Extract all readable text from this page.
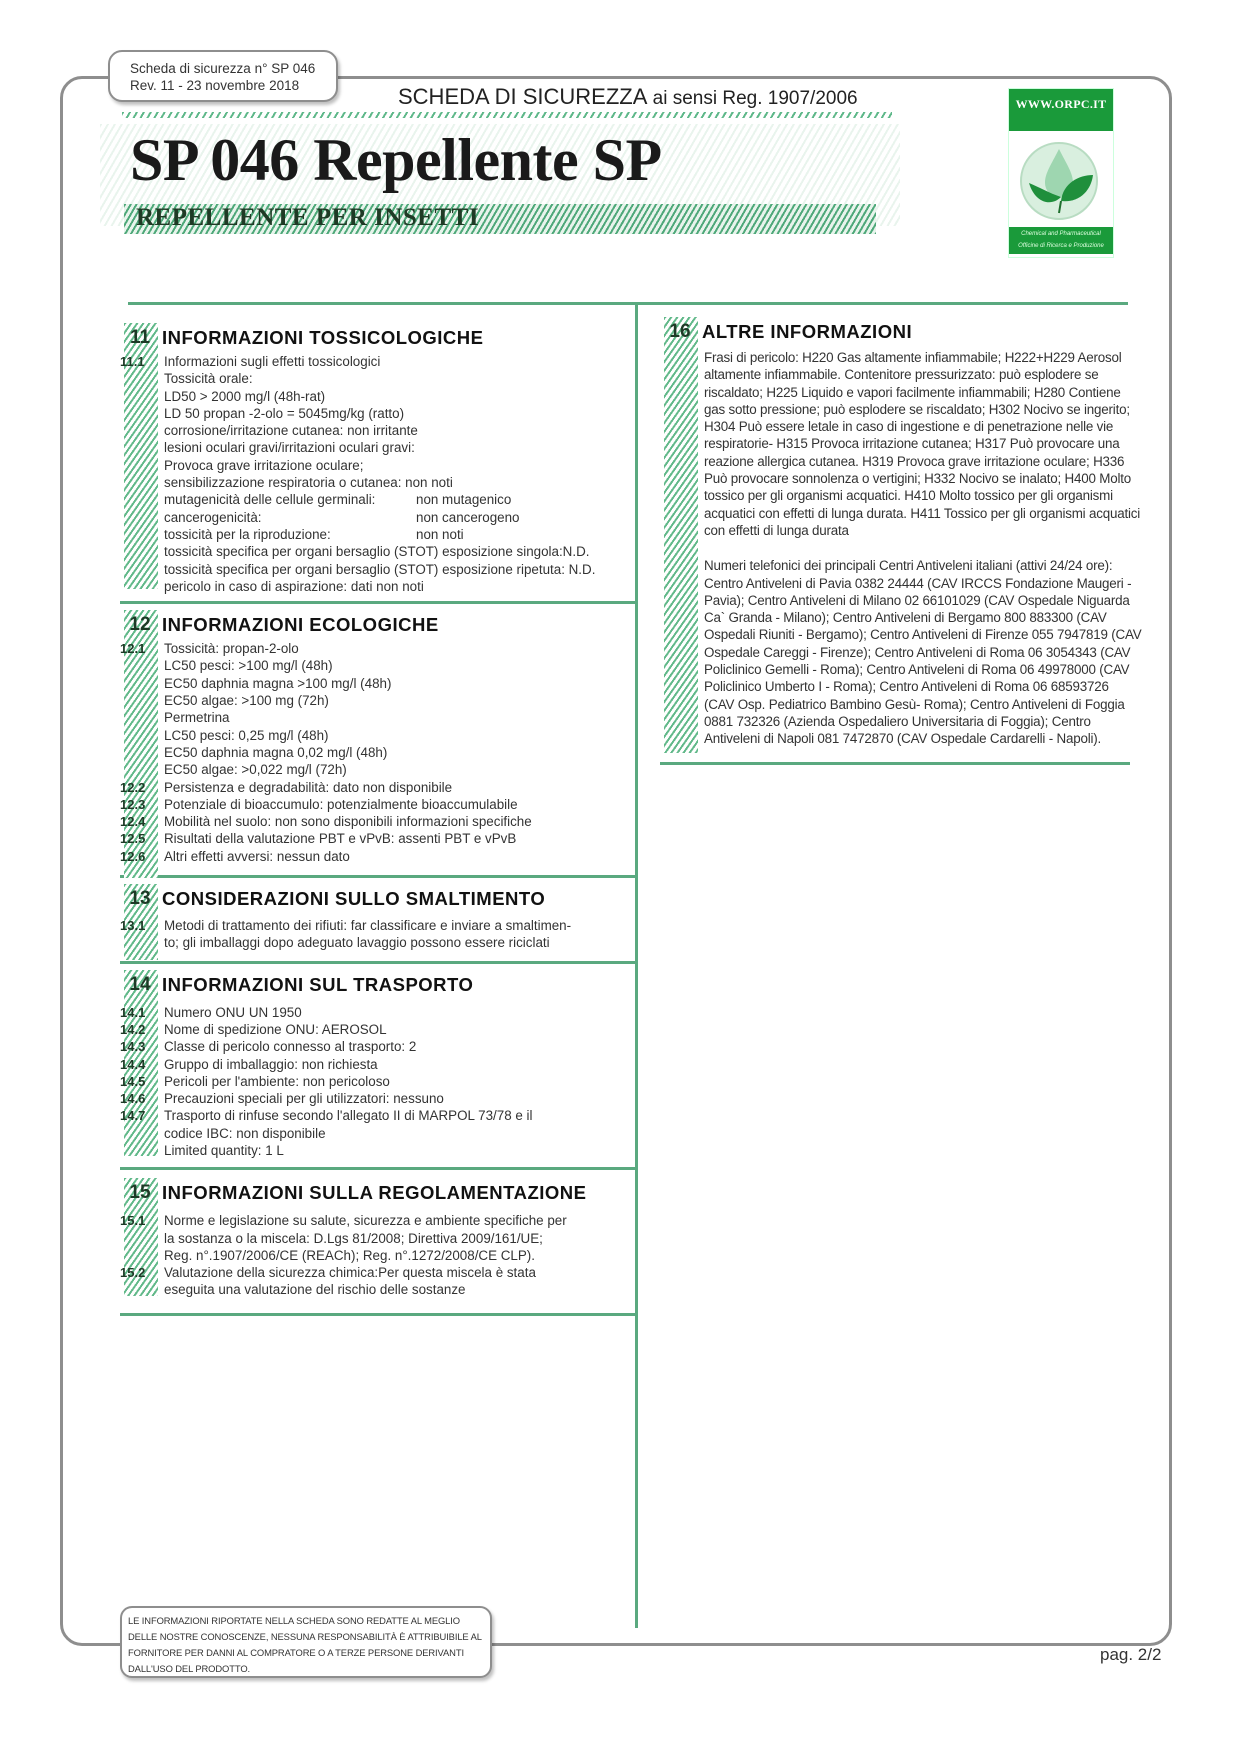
Scheda di sicurezza n° SP 046
Rev. 11 - 23 novembre 2018	SCHEDA DI SICUREZZA ai sensi Reg. 1907/2006
SP 046 Repellente SP
REPELLENTE PER INSETTI
WWW.ORPC.IT
Chemical and Pharmaceutical
Officine di Ricerca e Produzione
11 INFORMAZIONI TOSSICOLOGICHE
11.1	Informazioni sugli effetti tossicologici
Tossicità orale:
LD50 > 2000 mg/l (48h-rat)
LD 50 propan -2-olo = 5045mg/kg (ratto)
corrosione/irritazione cutanea: non irritante
lesioni oculari gravi/irritazioni oculari gravi:
Provoca grave irritazione oculare;
sensibilizzazione respiratoria o cutanea: non noti
mutagenicità delle cellule germinali:	non mutagenico
cancerogenicità:	non cancerogeno
tossicità per la riproduzione:	non noti
tossicità specifica per organi bersaglio (STOT) esposizione singola:N.D.
tossicità specifica per organi bersaglio (STOT) esposizione ripetuta: N.D.
pericolo in caso di aspirazione: dati non noti
12 INFORMAZIONI ECOLOGICHE
12.1	Tossicità: propan-2-olo
LC50 pesci: >100 mg/l (48h)
EC50 daphnia magna >100 mg/l (48h)
EC50 algae: >100 mg (72h)
Permetrina
LC50 pesci: 0,25 mg/l (48h)
EC50 daphnia magna 0,02 mg/l (48h)
EC50 algae: >0,022 mg/l (72h)
12.2	Persistenza e degradabilità: dato non disponibile
12.3	Potenziale di bioaccumulo: potenzialmente bioaccumulabile
12.4	Mobilità nel suolo: non sono disponibili informazioni specifiche
12.5	Risultati della valutazione PBT e vPvB: assenti PBT e vPvB
12.6	Altri effetti avversi: nessun dato
13 CONSIDERAZIONI SULLO SMALTIMENTO
13.1	Metodi di trattamento dei rifiuti: far classificare e inviare a smaltimen-
to; gli imballaggi dopo adeguato lavaggio possono essere riciclati
14 INFORMAZIONI SUL TRASPORTO
14.1	Numero ONU UN 1950
14.2	Nome di spedizione ONU: AEROSOL
14.3	Classe di pericolo connesso al trasporto: 2
14.4	Gruppo di imballaggio: non richiesta
14.5	Pericoli per l'ambiente: non pericoloso
14.6	Precauzioni speciali per gli utilizzatori: nessuno
14.7	Trasporto di rinfuse secondo l'allegato II di MARPOL 73/78 e il
codice IBC: non disponibile
Limited quantity: 1 L
15 INFORMAZIONI SULLA REGOLAMENTAZIONE
15.1	Norme e legislazione su salute, sicurezza e ambiente specifiche per
la sostanza o la miscela: D.Lgs 81/2008; Direttiva 2009/161/UE;
Reg. n°.1907/2006/CE (REACh); Reg. n°.1272/2008/CE CLP).
15.2	Valutazione della sicurezza chimica:Per questa miscela è stata
eseguita una valutazione del rischio delle sostanze
16 ALTRE INFORMAZIONI
Frasi di pericolo: H220 Gas altamente infiammabile; H222+H229 Aerosol altamente infiammabile. Contenitore pressurizzato: può esplodere se riscaldato; H225 Liquido e vapori facilmente infiammabili; H280 Contiene gas sotto pressione; può esplodere se riscaldato; H302 Nocivo se ingerito; H304 Può essere letale in caso di ingestione e di penetrazione nelle vie respiratorie- H315 Provoca irritazione cutanea; H317 Può provocare una reazione allergica cutanea. H319 Provoca grave irritazione oculare; H336 Può provocare sonnolenza o vertigini; H332 Nocivo se inalato; H400 Molto tossico per gli organismi acquatici. H410 Molto tossico per gli organismi acquatici con effetti di lunga durata. H411 Tossico per gli organismi acquatici con effetti di lunga durata
Numeri telefonici dei principali Centri Antiveleni italiani (attivi 24/24 ore): Centro Antiveleni di Pavia 0382 24444 (CAV IRCCS Fondazione Maugeri - Pavia); Centro Antiveleni di Milano 02 66101029 (CAV Ospedale Niguarda Ca` Granda - Milano); Centro Antiveleni di Bergamo 800 883300 (CAV Ospedali Riuniti - Bergamo); Centro Antiveleni di Firenze 055 7947819 (CAV Ospedale Careggi - Firenze); Centro Antiveleni di Roma 06 3054343 (CAV Policlinico Gemelli - Roma); Centro Antiveleni di Roma 06 49978000 (CAV Policlinico Umberto I - Roma); Centro Antiveleni di Roma 06 68593726 (CAV Osp. Pediatrico Bambino Gesù- Roma); Centro Antiveleni di Foggia 0881 732326 (Azienda Ospedaliero Universitaria di Foggia); Centro Antiveleni di Napoli 081 7472870 (CAV Ospedale Cardarelli - Napoli).
LE INFORMAZIONI RIPORTATE NELLA SCHEDA SONO REDATTE AL MEGLIO DELLE NOSTRE CONOSCENZE, NESSUNA RESPONSABILITÀ È ATTRIBUIBILE AL FORNITORE PER DANNI AL COMPRATORE O A TERZE PERSONE DERIVANTI DALL'USO DEL PRODOTTO.
pag. 2/2
